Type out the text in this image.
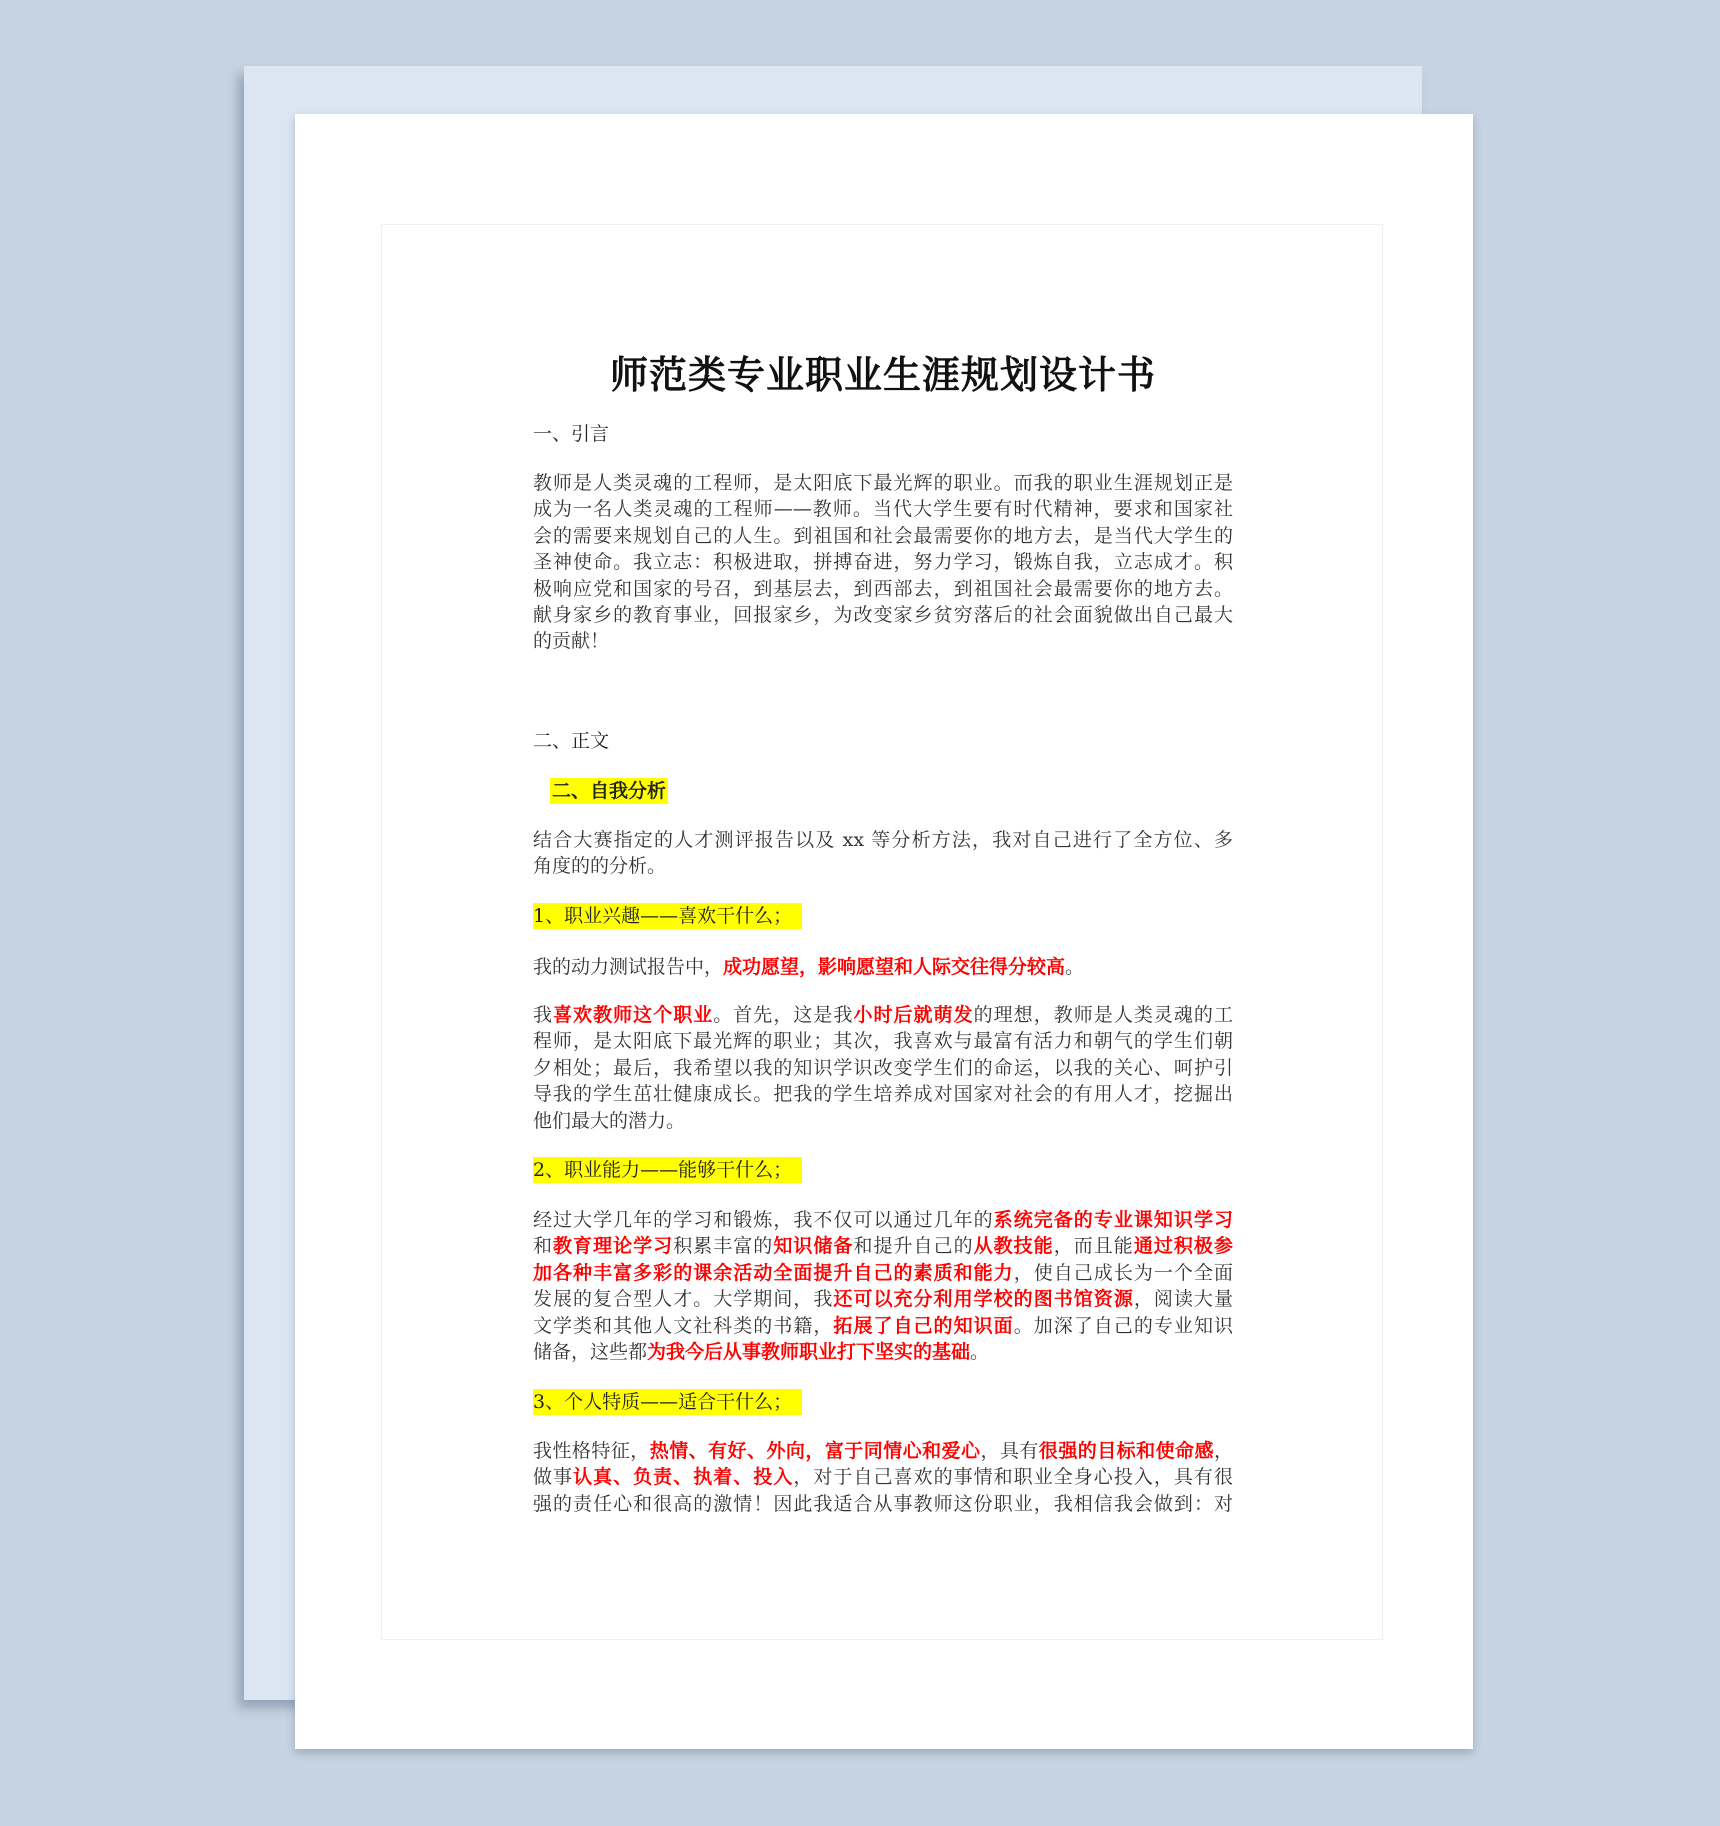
师范类专业职业生涯规划设计书
一、引言
教师是人类灵魂的工程师，是太阳底下最光辉的职业。而我的职业生涯规划正是
成为一名人类灵魂的工程师——教师。当代大学生要有时代精神，要求和国家社
会的需要来规划自己的人生。到祖国和社会最需要你的地方去，是当代大学生的
圣神使命。我立志：积极进取，拼搏奋进，努力学习，锻炼自我，立志成才。积
极响应党和国家的号召，到基层去，到西部去，到祖国社会最需要你的地方去。
献身家乡的教育事业，回报家乡，为改变家乡贫穷落后的社会面貌做出自己最大
的贡献！
二、正文
二、自我分析
结合大赛指定的人才测评报告以及 xx 等分析方法，我对自己进行了全方位、多
角度的的分析。
1、职业兴趣——喜欢干什么；
我的动力测试报告中，成功愿望，影响愿望和人际交往得分较高。
我喜欢教师这个职业。首先，这是我小时后就萌发的理想，教师是人类灵魂的工
程师，是太阳底下最光辉的职业；其次，我喜欢与最富有活力和朝气的学生们朝
夕相处；最后，我希望以我的知识学识改变学生们的命运，以我的关心、呵护引
导我的学生茁壮健康成长。把我的学生培养成对国家对社会的有用人才，挖掘出
他们最大的潜力。
2、职业能力——能够干什么；
经过大学几年的学习和锻炼，我不仅可以通过几年的系统完备的专业课知识学习
和教育理论学习积累丰富的知识储备和提升自己的从教技能，而且能通过积极参
加各种丰富多彩的课余活动全面提升自己的素质和能力，使自己成长为一个全面
发展的复合型人才。大学期间，我还可以充分利用学校的图书馆资源，阅读大量
文学类和其他人文社科类的书籍，拓展了自己的知识面。加深了自己的专业知识
储备，这些都为我今后从事教师职业打下坚实的基础。
3、个人特质——适合干什么；
我性格特征，热情、有好、外向，富于同情心和爱心，具有很强的目标和使命感，
做事认真、负责、执着、投入，对于自己喜欢的事情和职业全身心投入，具有很
强的责任心和很高的激情！因此我适合从事教师这份职业，我相信我会做到：对
